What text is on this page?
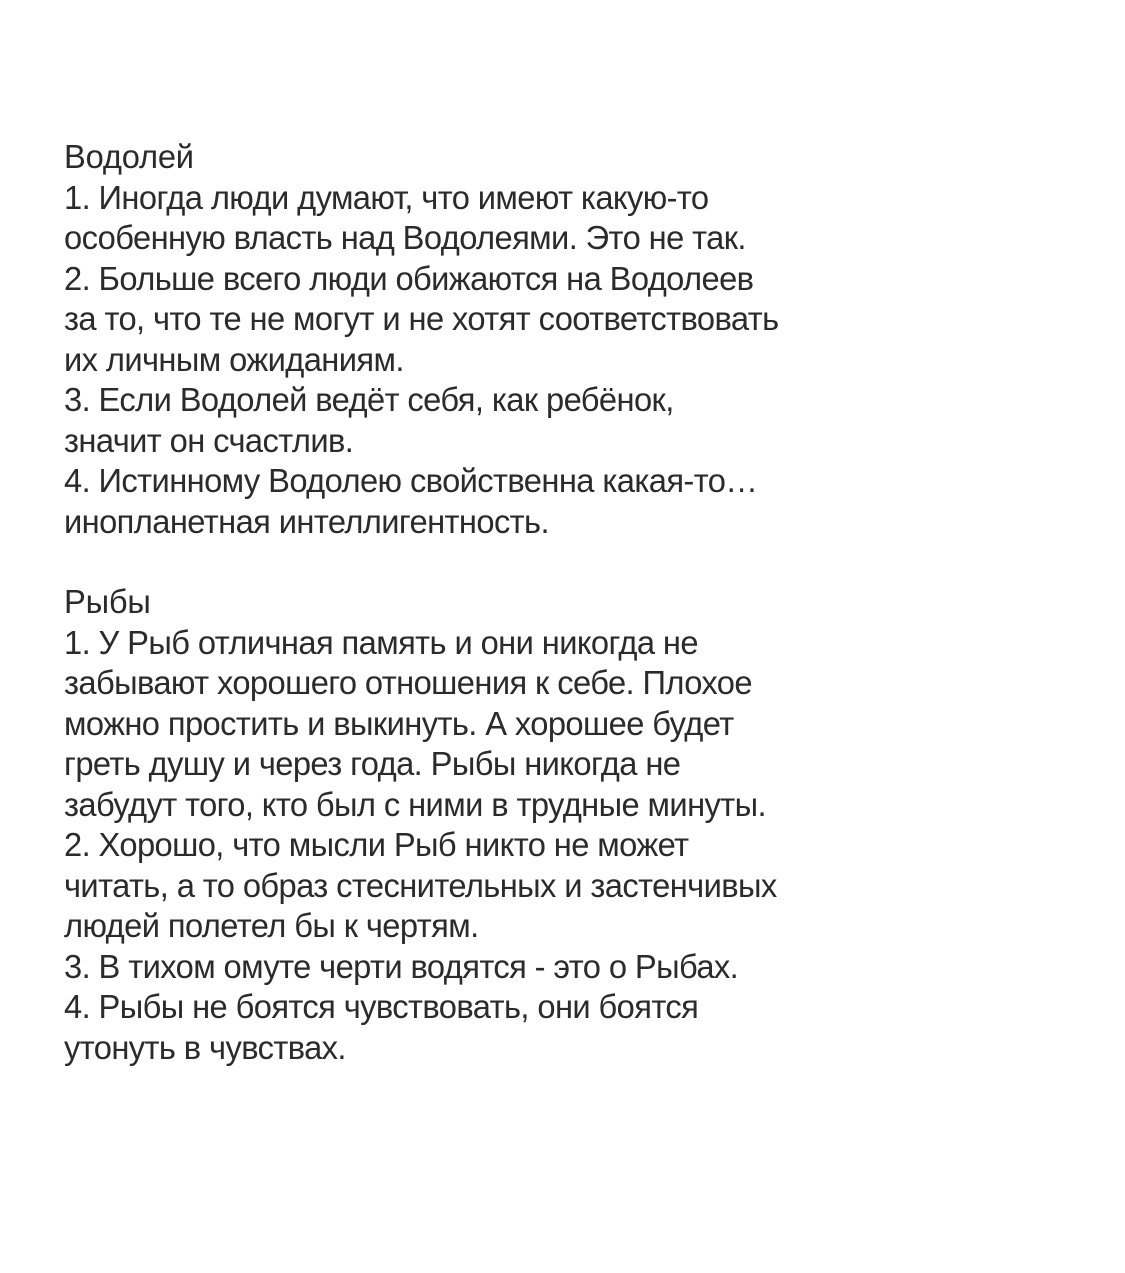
Водолей
1. Иногда люди думают, что имеют какую-то
особенную власть над Водолеями. Это не так.
2. Больше всего люди обижаются на Водолеев
за то, что те не могут и не хотят соответствовать
их личным ожиданиям.
3. Если Водолей ведёт себя, как ребёнок,
значит он счастлив.
4. Истинному Водолею свойственна какая-то…
инопланетная интеллигентность.
Рыбы
1. У Рыб отличная память и они никогда не
забывают хорошего отношения к себе. Плохое
можно простить и выкинуть. А хорошее будет
греть душу и через года. Рыбы никогда не
забудут того, кто был с ними в трудные минуты.
2. Хорошо, что мысли Рыб никто не может
читать, а то образ стеснительных и застенчивых
людей полетел бы к чертям.
3. В тихом омуте черти водятся - это о Рыбах.
4. Рыбы не боятся чувствовать, они боятся
утонуть в чувствах.
